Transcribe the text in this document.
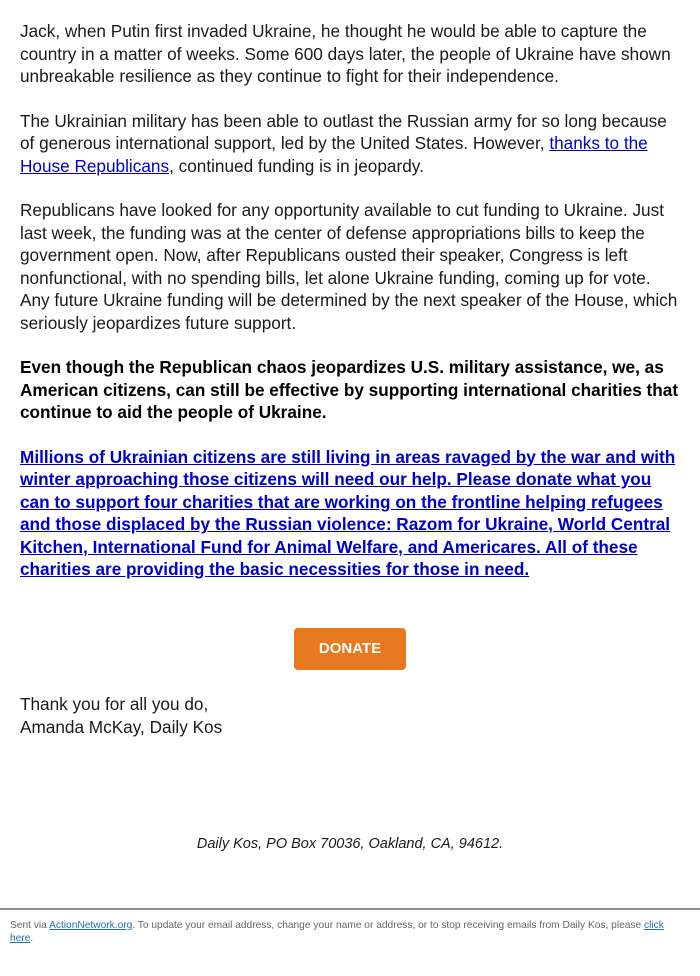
Jack, when Putin first invaded Ukraine, he thought he would be able to capture the country in a matter of weeks. Some 600 days later, the people of Ukraine have shown unbreakable resilience as they continue to fight for their independence.

The Ukrainian military has been able to outlast the Russian army for so long because of generous international support, led by the United States. However, thanks to the House Republicans, continued funding is in jeopardy.

Republicans have looked for any opportunity available to cut funding to Ukraine. Just last week, the funding was at the center of defense appropriations bills to keep the government open. Now, after Republicans ousted their speaker, Congress is left nonfunctional, with no spending bills, let alone Ukraine funding, coming up for vote. Any future Ukraine funding will be determined by the next speaker of the House, which seriously jeopardizes future support.

Even though the Republican chaos jeopardizes U.S. military assistance, we, as American citizens, can still be effective by supporting international charities that continue to aid the people of Ukraine.

Millions of Ukrainian citizens are still living in areas ravaged by the war and with winter approaching those citizens will need our help. Please donate what you can to support four charities that are working on the frontline helping refugees and those displaced by the Russian violence: Razom for Ukraine, World Central Kitchen, International Fund for Animal Welfare, and Americares. All of these charities are providing the basic necessities for those in need.

DONATE
Thank you for all you do,
Amanda McKay, Daily Kos
Daily Kos, PO Box 70036, Oakland, CA, 94612.
Sent via ActionNetwork.org. To update your email address, change your name or address, or to stop receiving emails from Daily Kos, please click here.
